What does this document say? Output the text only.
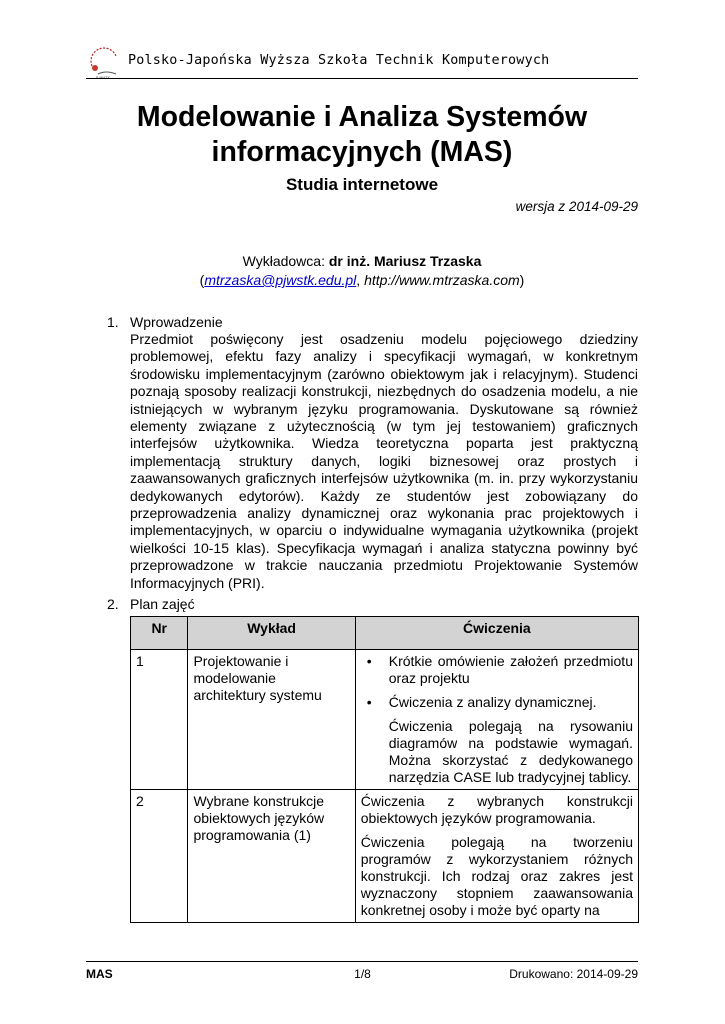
Polsko-Japońska Wyższa Szkoła Technik Komputerowych
Modelowanie i Analiza Systemów
informacyjnych (MAS)
Studia internetowe
wersja z 2014-09-29
Wykładowca: dr inż. Mariusz Trzaska
(mtrzaska@pjwstk.edu.pl, http://www.mtrzaska.com)
1. Wprowadzenie
Przedmiot poświęcony jest osadzeniu modelu pojęciowego dziedziny problemowej, efektu fazy analizy i specyfikacji wymagań, w konkretnym środowisku implementacyjnym (zarówno obiektowym jak i relacyjnym). Studenci poznają sposoby realizacji konstrukcji, niezbędnych do osadzenia modelu, a nie istniejących w wybranym języku programowania. Dyskutowane są również elementy związane z użytecznością (w tym jej testowaniem) graficznych interfejsów użytkownika. Wiedza teoretyczna poparta jest praktyczną implementacją struktury danych, logiki biznesowej oraz prostych i zaawansowanych graficznych interfejsów użytkownika (m. in. przy wykorzystaniu dedykowanych edytorów). Każdy ze studentów jest zobowiązany do przeprowadzenia analizy dynamicznej oraz wykonania prac projektowych i implementacyjnych, w oparciu o indywidualne wymagania użytkownika (projekt wielkości 10-15 klas). Specyfikacja wymagań i analiza statyczna powinny być przeprowadzone w trakcie nauczania przedmiotu Projektowanie Systemów Informacyjnych (PRI).
2. Plan zajęć
Nr	Wykład	Ćwiczenia
1	Projektowanie i modelowanie architektury systemu	• Krótkie omówienie założeń przedmiotu oraz projektu
• Ćwiczenia z analizy dynamicznej.
Ćwiczenia polegają na rysowaniu diagramów na podstawie wymagań. Można skorzystać z dedykowanego narzędzia CASE lub tradycyjnej tablicy.

2	Wybrane konstrukcje obiektowych języków programowania (1)	Ćwiczenia z wybranych konstrukcji obiektowych języków programowania.
Ćwiczenia polegają na tworzeniu programów z wykorzystaniem różnych konstrukcji. Ich rodzaj oraz zakres jest wyznaczony stopniem zaawansowania konkretnej osoby i może być oparty na
MAS	1/8	Drukowano: 2014-09-29
